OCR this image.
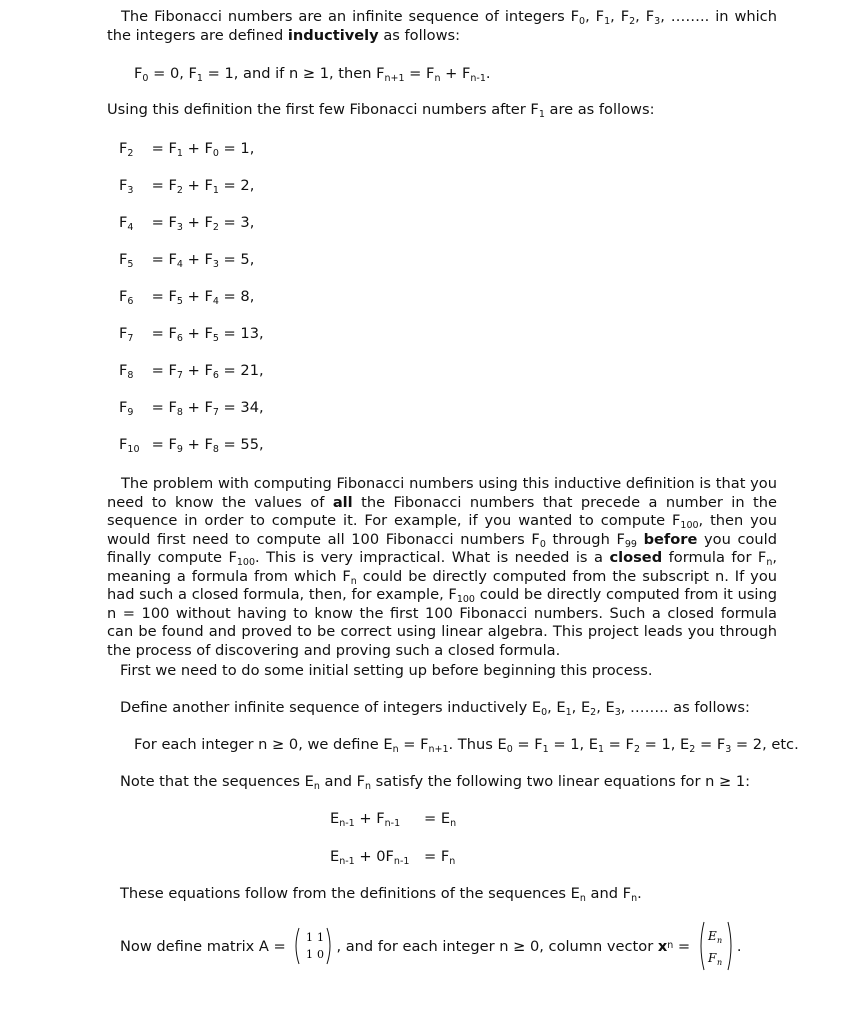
The Fibonacci numbers are an infinite sequence of integers $F_0$, $F_1$, $F_2$, $F_3$, …….. in which the integers are defined inductively as follows:

$F_0 = 0$, $F_1 = 1$, and if n ≥ 1, then $F_{n+1} = F_n + F_{n-1}$.

Using this definition the first few Fibonacci numbers after $F_1$ are as follows:

$F_2 = F_1 + F_0 = 1$,
$F_3 = F_2 + F_1 = 2$,
$F_4 = F_3 + F_2 = 3$,
$F_5 = F_4 + F_3 = 5$,
$F_6 = F_5 + F_4 = 8$,
$F_7 = F_6 + F_5 = 13$,
$F_8 = F_7 + F_6 = 21$,
$F_9 = F_8 + F_7 = 34$,
$F_{10} = F_9 + F_8 = 55$,

The problem with computing Fibonacci numbers using this inductive definition is that you need to know the values of all the Fibonacci numbers that precede a number in the sequence in order to compute it. For example, if you wanted to compute $F_{100}$, then you would first need to compute all 100 Fibonacci numbers $F_0$ through $F_{99}$ before you could finally compute $F_{100}$. This is very impractical. What is needed is a closed formula for $F_n$, meaning a formula from which $F_n$ could be directly computed from the subscript n. If you had such a closed formula, then, for example, $F_{100}$ could be directly computed from it using n = 100 without having to know the first 100 Fibonacci numbers. Such a closed formula can be found and proved to be correct using linear algebra. This project leads you through the process of discovering and proving such a closed formula.

First we need to do some initial setting up before beginning this process.

Define another infinite sequence of integers inductively $E_0$, $E_1$, $E_2$, $E_3$, …….. as follows:

For each integer n ≥ 0, we define $E_n = F_{n+1}$. Thus $E_0 = F_1 = 1$, $E_1 = F_2 = 1$, $E_2 = F_3 = 2$, etc.

Note that the sequences $E_n$ and $F_n$ satisfy the following two linear equations for n ≥ 1:

$E_{n-1} + F_{n-1} = E_n$
$E_{n-1} + 0F_{n-1} = F_n$

These equations follow from the definitions of the sequences $E_n$ and $F_n$.

Now define matrix A = 1 1
1 0 , and for each integer n ≥ 0, column vector x n =
E n
F n
.
